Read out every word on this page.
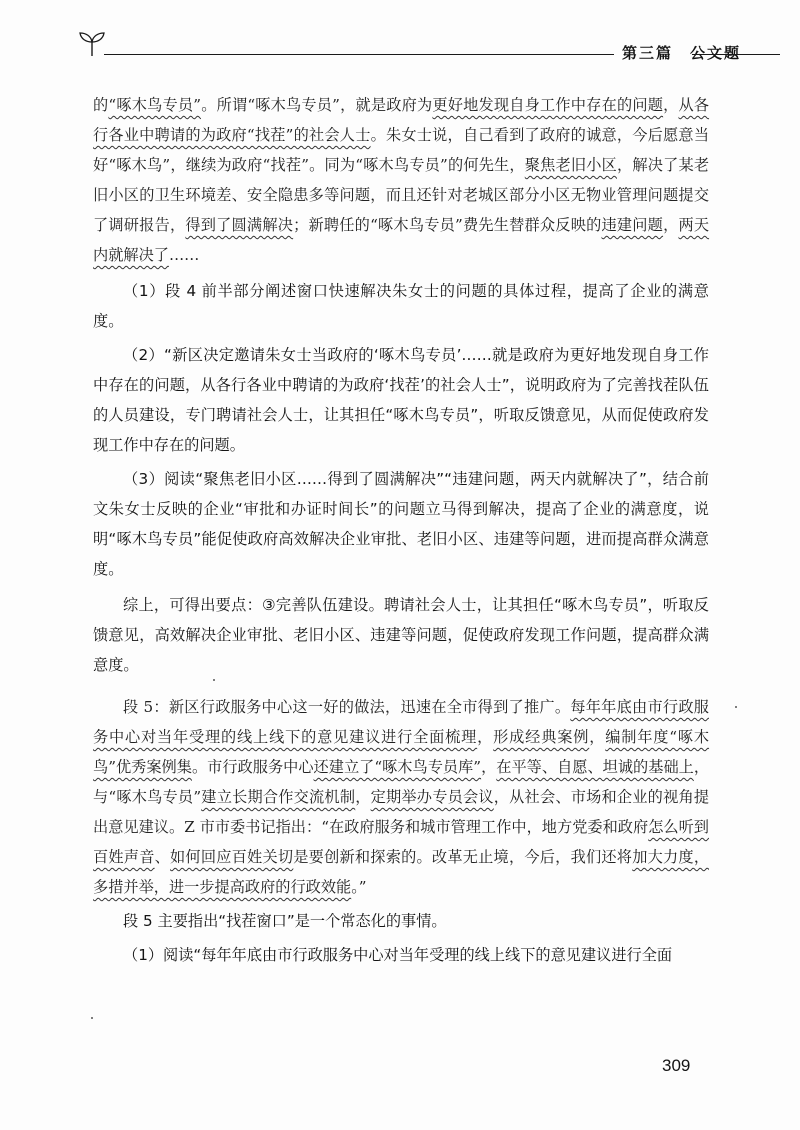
第三篇　公文题

的“啄木鸟专员”。所谓“啄木鸟专员”，就是政府为更好地发现自身工作中存在的问题，从各行各业中聘请的为政府“找茬”的社会人士。朱女士说，自己看到了政府的诚意，今后愿意当好“啄木鸟”，继续为政府“找茬”。同为“啄木鸟专员”的何先生，聚焦老旧小区，解决了某老旧小区的卫生环境差、安全隐患多等问题，而且还针对老城区部分小区无物业管理问题提交了调研报告，得到了圆满解决；新聘任的“啄木鸟专员”费先生替群众反映的违建问题，两天内就解决了……

（1）段 4 前半部分阐述窗口快速解决朱女士的问题的具体过程，提高了企业的满意度。

（2）“新区决定邀请朱女士当政府的‘啄木鸟专员’……就是政府为更好地发现自身工作中存在的问题，从各行各业中聘请的为政府‘找茬’的社会人士”，说明政府为了完善找茬队伍的人员建设，专门聘请社会人士，让其担任“啄木鸟专员”，听取反馈意见，从而促使政府发现工作中存在的问题。

（3）阅读“聚焦老旧小区……得到了圆满解决”“违建问题，两天内就解决了”，结合前文朱女士反映的企业“审批和办证时间长”的问题立马得到解决，提高了企业的满意度，说明“啄木鸟专员”能促使政府高效解决企业审批、老旧小区、违建等问题，进而提高群众满意度。

综上，可得出要点：③完善队伍建设。聘请社会人士，让其担任“啄木鸟专员”，听取反馈意见，高效解决企业审批、老旧小区、违建等问题，促使政府发现工作问题，提高群众满意度。

段 5：新区行政服务中心这一好的做法，迅速在全市得到了推广。每年年底由市行政服务中心对当年受理的线上线下的意见建议进行全面梳理，形成经典案例，编制年度“啄木鸟”优秀案例集。市行政服务中心还建立了“啄木鸟专员库”，在平等、自愿、坦诚的基础上，与“啄木鸟专员”建立长期合作交流机制，定期举办专员会议，从社会、市场和企业的视角提出意见建议。Z 市市委书记指出：“在政府服务和城市管理工作中，地方党委和政府怎么听到百姓声音、如何回应百姓关切是要创新和探索的。改革无止境，今后，我们还将加大力度，多措并举，进一步提高政府的行政效能。”

段 5 主要指出“找茬窗口”是一个常态化的事情。

（1）阅读“每年年底由市行政服务中心对当年受理的线上线下的意见建议进行全面

309
